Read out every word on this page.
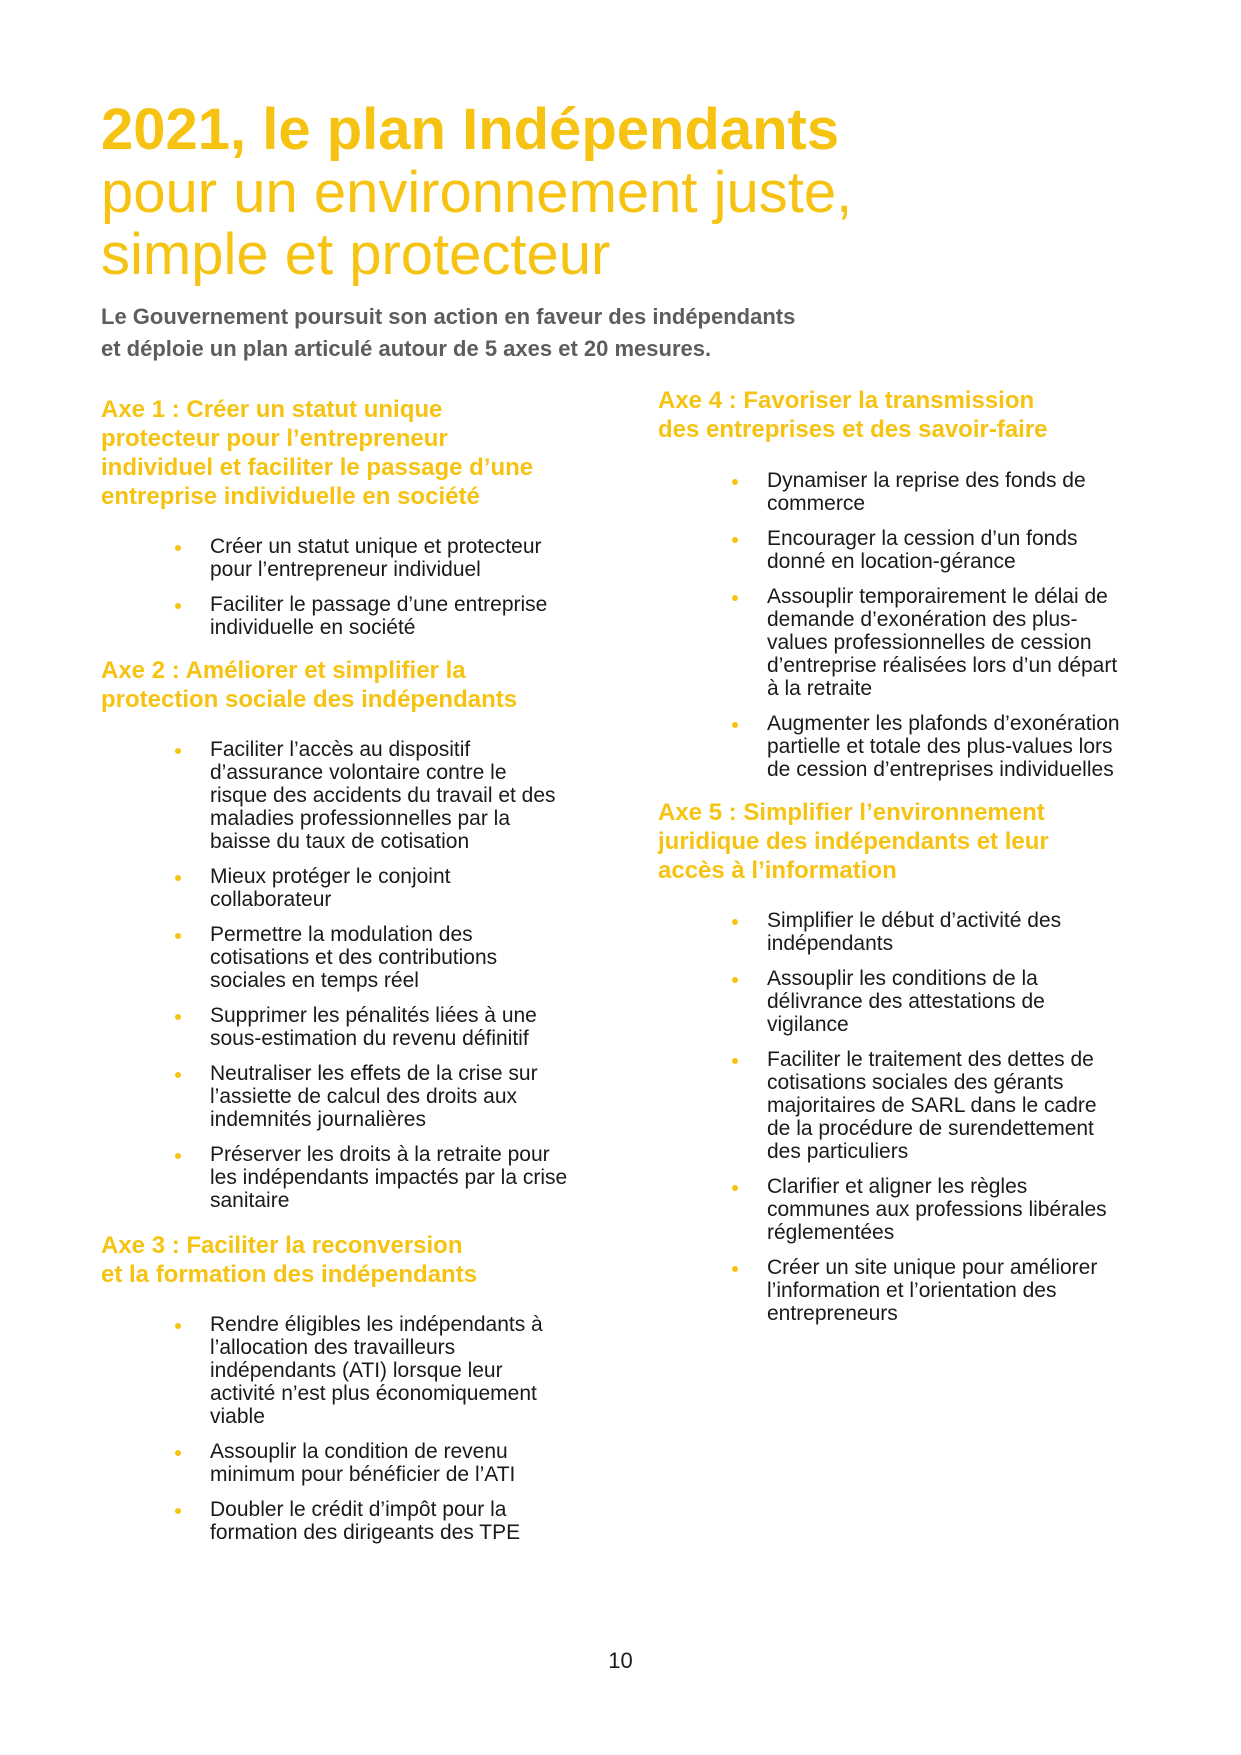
2021, le plan Indépendants
pour un environnement juste,
simple et protecteur

Le Gouvernement poursuit son action en faveur des indépendants
et déploie un plan articulé autour de 5 axes et 20 mesures.

Axe 1 : Créer un statut unique
protecteur pour l’entrepreneur
individuel et faciliter le passage d’une
entreprise individuelle en société
Créer un statut unique et protecteur
pour l’entrepreneur individuel
Faciliter le passage d’une entreprise
individuelle en société
Axe 2 : Améliorer et simplifier la
protection sociale des indépendants
Faciliter l’accès au dispositif
d’assurance volontaire contre le
risque des accidents du travail et des
maladies professionnelles par la
baisse du taux de cotisation
Mieux protéger le conjoint
collaborateur
Permettre la modulation des
cotisations et des contributions
sociales en temps réel
Supprimer les pénalités liées à une
sous-estimation du revenu définitif
Neutraliser les effets de la crise sur
l’assiette de calcul des droits aux
indemnités journalières
Préserver les droits à la retraite pour
les indépendants impactés par la crise
sanitaire
Axe 3 : Faciliter la reconversion
et la formation des indépendants
Rendre éligibles les indépendants à
l’allocation des travailleurs
indépendants (ATI) lorsque leur
activité n’est plus économiquement
viable
Assouplir la condition de revenu
minimum pour bénéficier de l’ATI
Doubler le crédit d’impôt pour la
formation des dirigeants des TPE
Axe 4 : Favoriser la transmission
des entreprises et des savoir-faire
Dynamiser la reprise des fonds de
commerce
Encourager la cession d’un fonds
donné en location-gérance
Assouplir temporairement le délai de
demande d’exonération des plus-
values professionnelles de cession
d’entreprise réalisées lors d’un départ
à la retraite
Augmenter les plafonds d’exonération
partielle et totale des plus-values lors
de cession d’entreprises individuelles
Axe 5 : Simplifier l’environnement
juridique des indépendants et leur
accès à l’information
Simplifier le début d’activité des
indépendants
Assouplir les conditions de la
délivrance des attestations de
vigilance
Faciliter le traitement des dettes de
cotisations sociales des gérants
majoritaires de SARL dans le cadre
de la procédure de surendettement
des particuliers
Clarifier et aligner les règles
communes aux professions libérales
réglementées
Créer un site unique pour améliorer
l’information et l’orientation des
entrepreneurs
10
